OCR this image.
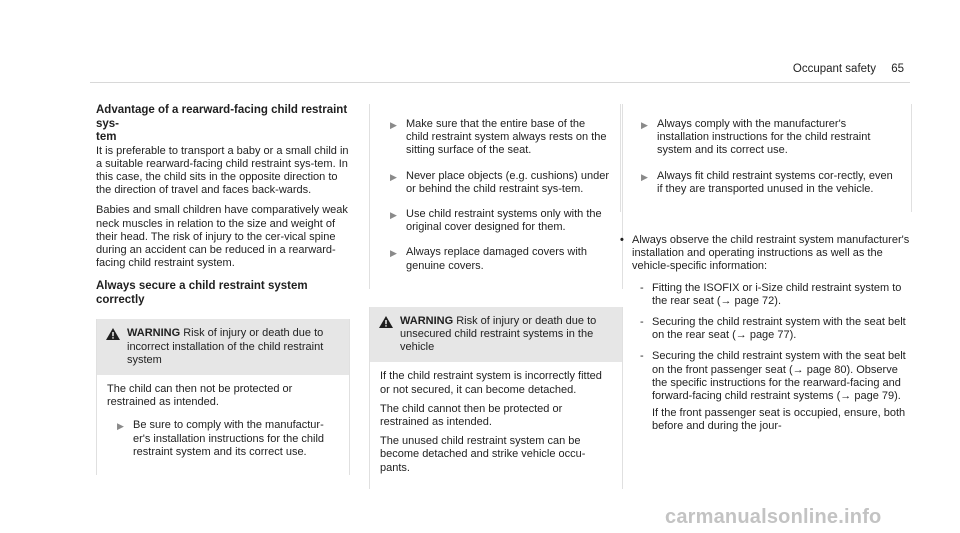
Occupant safety 65
Advantage of a rearward-facing child restraint sys-
tem

It is preferable to transport a baby or a small child in a suitable rearward-facing child restraint sys-tem. In this case, the child sits in the opposite direction to the direction of travel and faces back-wards.

Babies and small children have comparatively weak neck muscles in relation to the size and weight of their head. The risk of injury to the cer-vical spine during an accident can be reduced in a rearward-facing child restraint system.

Always secure a child restraint system correctly
WARNING Risk of injury or death due to incorrect installation of the child restraint system

The child can then not be protected or restrained as intended.

▶ Be sure to comply with the manufactur-er's installation instructions for the child restraint system and its correct use.
▶ Make sure that the entire base of the child restraint system always rests on the sitting surface of the seat.
▶ Never place objects (e.g. cushions) under or behind the child restraint sys-tem.
▶ Use child restraint systems only with the original cover designed for them.
▶ Always replace damaged covers with genuine covers.
WARNING Risk of injury or death due to unsecured child restraint systems in the vehicle

If the child restraint system is incorrectly fitted or not secured, it can become detached.

The child cannot then be protected or restrained as intended.

The unused child restraint system can be become detached and strike vehicle occu-pants.

▶ Always comply with the manufacturer's installation instructions for the child restraint system and its correct use.
▶ Always fit child restraint systems cor-rectly, even if they are transported unused in the vehicle.
• Always observe the child restraint system manufacturer's installation and operating instructions as well as the vehicle-specific information:
- Fitting the ISOFIX or i-Size child restraint system to the rear seat (→ page 72).
- Securing the child restraint system with the seat belt on the rear seat (→ page 77).
- Securing the child restraint system with the seat belt on the front passenger seat (→ page 80). Observe the specific instructions for the rearward-facing and forward-facing child restraint systems (→ page 79).
If the front passenger seat is occupied, ensure, both before and during the jour-
carmanualsonline.info
